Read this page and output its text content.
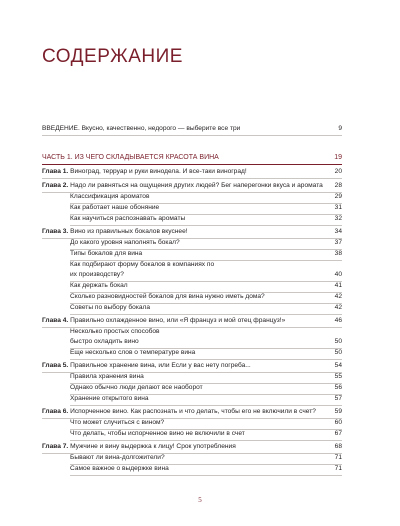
СОДЕРЖАНИЕ
ВВЕДЕНИЕ. Вкусно, качественно, недорого — выберите все три	9
ЧАСТЬ 1. ИЗ ЧЕГО СКЛАДЫВАЕТСЯ КРАСОТА ВИНА	19
Глава 1. Виноград, терруар и руки винодела. И все-таки виноград!	20
Глава 2. Надо ли равняться на ощущения других людей? Бег наперегонки вкуса и аромата 28
Классификация ароматов	29
Как работает наше обоняние	31
Как научиться распознавать ароматы	32
Глава 3. Вино из правильных бокалов вкуснее!	34
До какого уровня наполнять бокал?	37
Типы бокалов для вина	38
Как подбирают форму бокалов в компаниях по их производству?	40
Как держать бокал	41
Сколько разновидностей бокалов для вина нужно иметь дома?	42
Советы по выбору бокала	42
Глава 4. Правильно охлажденное вино, или «Я француз и мой отец француз!»	46
Несколько простых способов быстро охладить вино	50
Еще несколько слов о температуре вина	50
Глава 5. Правильное хранение вина, или Если у вас нету погреба...	54
Правила хранения вина	55
Однако обычно люди делают все наоборот	56
Хранение открытого вина	57
Глава 6. Испорченное вино. Как распознать и что делать, чтобы его не включили в счет?	59
Что может случиться с вином?	60
Что делать, чтобы испорченное вино не включили в счет	67
Глава 7. Мужчине и вину выдержка к лицу! Срок употребления	68
Бывают ли вина-долгожители?	71
Самое важное о выдержке вина	71
5
